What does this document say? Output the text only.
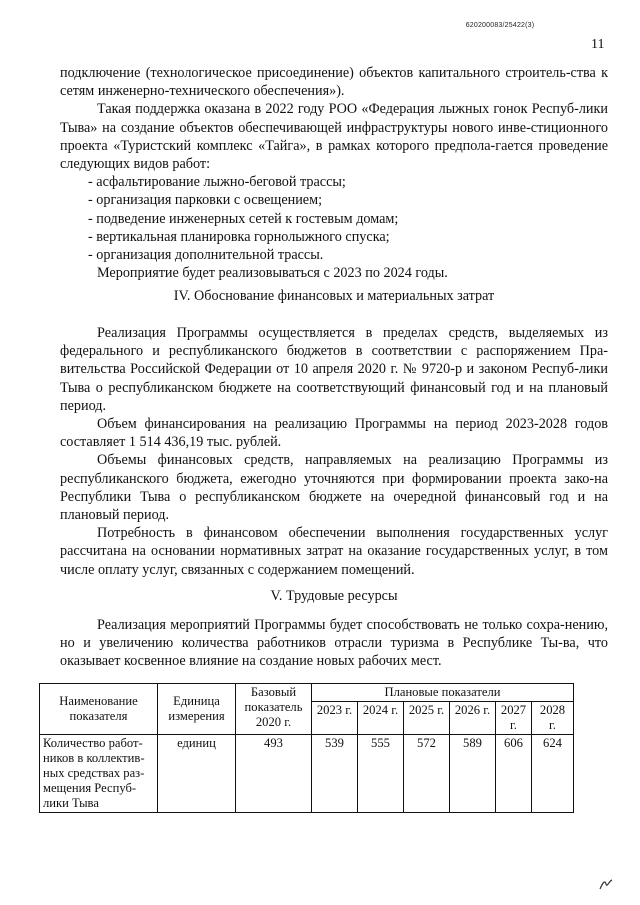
620200083/25422(3)
11

подключение (технологическое присоединение) объектов капитального строитель-ства к сетям инженерно-технического обеспечения»).

Такая поддержка оказана в 2022 году РОО «Федерация лыжных гонок Респуб-лики Тыва» на создание объектов обеспечивающей инфраструктуры нового инве-стиционного проекта «Туристский комплекс «Тайга», в рамках которого предпола-гается проведение следующих видов работ:

- асфальтирование лыжно-беговой трассы;

- организация парковки с освещением;

- подведение инженерных сетей к гостевым домам;

- вертикальная планировка горнолыжного спуска;

- организация дополнительной трассы.

Мероприятие будет реализовываться с 2023 по 2024 годы.

IV. Обоснование финансовых и материальных затрат

Реализация Программы осуществляется в пределах средств, выделяемых из федерального и республиканского бюджетов в соответствии с распоряжением Пра-вительства Российской Федерации от 10 апреля 2020 г. № 9720-р и законом Респуб-лики Тыва о республиканском бюджете на соответствующий финансовый год и на плановый период.

Объем финансирования на реализацию Программы на период 2023-2028 годов составляет 1 514 436,19 тыс. рублей.

Объемы финансовых средств, направляемых на реализацию Программы из республиканского бюджета, ежегодно уточняются при формировании проекта зако-на Республики Тыва о республиканском бюджете на очередной финансовый год и на плановый период.

Потребность в финансовом обеспечении выполнения государственных услуг рассчитана на основании нормативных затрат на оказание государственных услуг, в том числе оплату услуг, связанных с содержанием помещений.

V. Трудовые ресурсы

Реализация мероприятий Программы будет способствовать не только сохра-нению, но и увеличению количества работников отрасли туризма в Республике Ты-ва, что оказывает косвенное влияние на создание новых рабочих мест.

Наименование показателя	Единица измерения	Базовый показатель 2020 г.	Плановые показатели					
			2023 г.	2024 г.	2025 г.	2026 г.	2027 г.	2028 г.
Количество работ-ников в коллектив-ных средствах раз-мещения Респуб-лики Тыва	единиц	493	539	555	572	589	606	624
